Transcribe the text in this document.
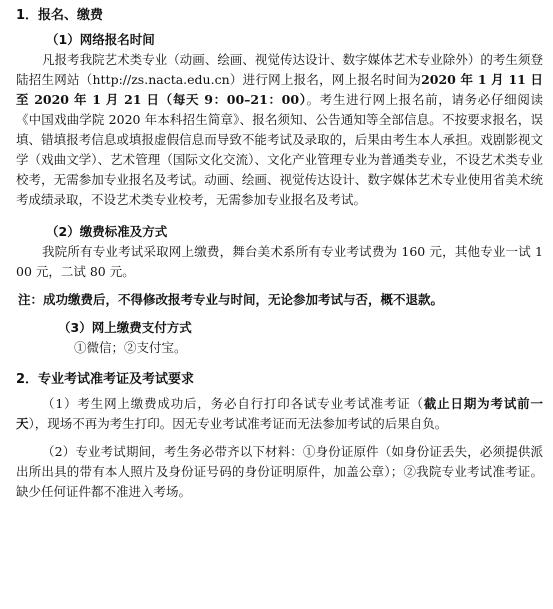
1．报名、缴费
（1）网络报名时间

凡报考我院艺术类专业（动画、绘画、视觉传达设计、数字媒体艺术专业除外）的考生须登陆招生网站（http://zs.nacta.edu.cn）进行网上报名，网上报名时间为2020 年 1 月 11 日至 2020 年 1 月 21 日（每天 9：00–21：00）。考生进行网上报名前，请务必仔细阅读《中国戏曲学院 2020 年本科招生简章》、报名须知、公告通知等全部信息。不按要求报名，误填、错填报考信息或填报虚假信息而导致不能考试及录取的，后果由考生本人承担。戏剧影视文学（戏曲文学）、艺术管理（国际文化交流）、文化产业管理专业为普通类专业，不设艺术类专业校考，无需参加专业报名及考试。动画、绘画、视觉传达设计、数字媒体艺术专业使用省美术统考成绩录取，不设艺术类专业校考，无需参加专业报名及考试。

（2）缴费标准及方式

我院所有专业考试采取网上缴费，舞台美术系所有专业考试费为 160 元，其他专业一试 100 元，二试 80 元。

注：成功缴费后，不得修改报考专业与时间，无论参加考试与否，概不退款。
（3）网上缴费支付方式
①微信；②支付宝。
2．专业考试准考证及考试要求

（1）考生网上缴费成功后，务必自行打印各试专业考试准考证（截止日期为考试前一天），现场不再为考生打印。因无专业考试准考证而无法参加考试的后果自负。

（2）专业考试期间，考生务必带齐以下材料：①身份证原件（如身份证丢失，必须提供派出所出具的带有本人照片及身份证号码的身份证明原件，加盖公章）；②我院专业考试准考证。缺少任何证件都不准进入考场。
